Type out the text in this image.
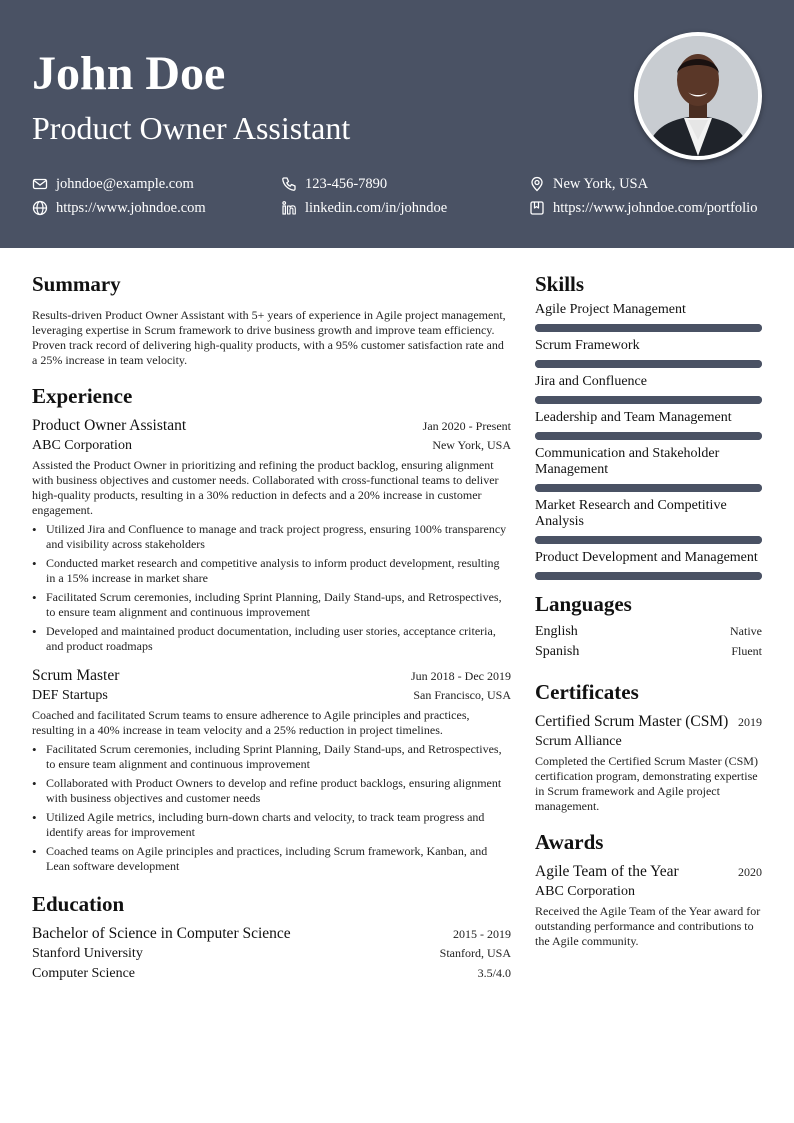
John Doe
Product Owner Assistant
johndoe@example.com	123-456-7890	New York, USA
https://www.johndoe.com	linkedin.com/in/johndoe	https://www.johndoe.com/portfolio
Summary

Results-driven Product Owner Assistant with 5+ years of experience in Agile project management, leveraging expertise in Scrum framework to drive business growth and improve team efficiency. Proven track record of delivering high-quality products, with a 95% customer satisfaction rate and a 25% increase in team velocity.

Experience
Product Owner Assistant	Jan 2020 - Present
ABC Corporation	New York, USA

Assisted the Product Owner in prioritizing and refining the product backlog, ensuring alignment with business objectives and customer needs. Collaborated with cross-functional teams to deliver high-quality products, resulting in a 30% reduction in defects and a 20% increase in customer engagement.

• Utilized Jira and Confluence to manage and track project progress, ensuring 100% transparency and visibility across stakeholders
• Conducted market research and competitive analysis to inform product development, resulting in a 15% increase in market share
• Facilitated Scrum ceremonies, including Sprint Planning, Daily Stand-ups, and Retrospectives, to ensure team alignment and continuous improvement
• Developed and maintained product documentation, including user stories, acceptance criteria, and product roadmaps
Scrum Master	Jun 2018 - Dec 2019
DEF Startups	San Francisco, USA

Coached and facilitated Scrum teams to ensure adherence to Agile principles and practices, resulting in a 40% increase in team velocity and a 25% reduction in project timelines.

• Facilitated Scrum ceremonies, including Sprint Planning, Daily Stand-ups, and Retrospectives, to ensure team alignment and continuous improvement
• Collaborated with Product Owners to develop and refine product backlogs, ensuring alignment with business objectives and customer needs
• Utilized Agile metrics, including burn-down charts and velocity, to track team progress and identify areas for improvement
• Coached teams on Agile principles and practices, including Scrum framework, Kanban, and Lean software development
Education
Bachelor of Science in Computer Science	2015 - 2019
Stanford University	Stanford, USA
Computer Science	3.5/4.0
Skills
Agile Project Management
Scrum Framework
Jira and Confluence
Leadership and Team Management
Communication and Stakeholder Management
Market Research and Competitive Analysis
Product Development and Management
Languages
English	Native
Spanish	Fluent
Certificates
Certified Scrum Master (CSM) 2019
Scrum Alliance

Completed the Certified Scrum Master (CSM) certification program, demonstrating expertise in Scrum framework and Agile project management.

Awards
Agile Team of the Year	2020
ABC Corporation

Received the Agile Team of the Year award for outstanding performance and contributions to the Agile community.
